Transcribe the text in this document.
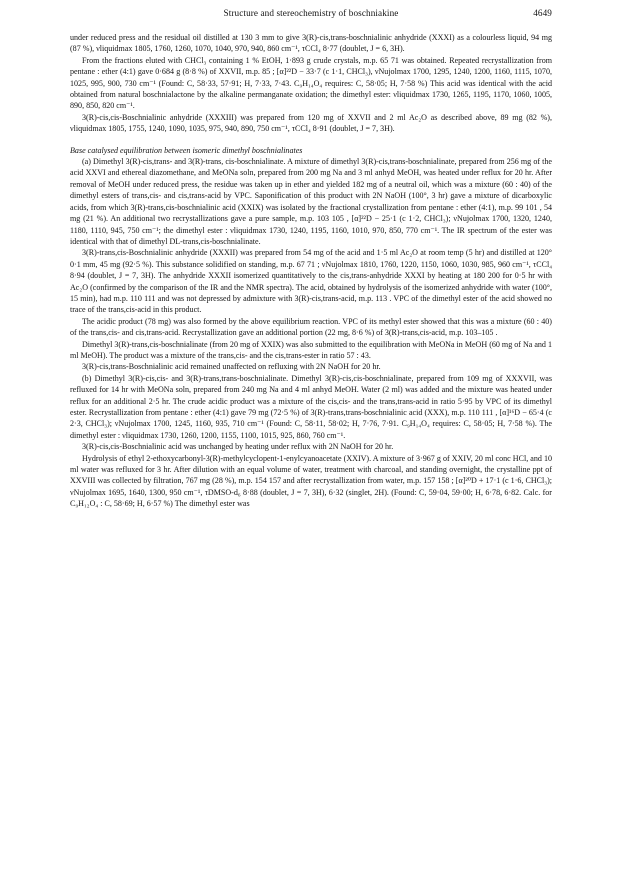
Structure and stereochemistry of boschniakine	4649

under reduced press and the residual oil distilled at 130 3 mm to give 3(R)-cis,trans-boschnialinic anhydride (XXXI) as a colourless liquid, 94 mg (87 %), νliquidmax 1805, 1760, 1260, 1070, 1040, 970, 940, 860 cm⁻¹, τCCl₄ 8·77 (doublet, J = 6, 3H).

From the fractions eluted with CHCl₃ containing 1 % EtOH, 1·893 g crude crystals, m.p. 65 71 was obtained. Repeated recrystallization from pentane : ether (4:1) gave 0·684 g (8·8 %) of XXVII, m.p. 85 ; [α]²²D − 33·7 (c 1·1, CHCl₃), νNujolmax 1700, 1295, 1240, 1200, 1160, 1115, 1070, 1025, 995, 900, 730 cm⁻¹ (Found: C, 58·33, 57·91; H, 7·33, 7·43. C₉H₁₄O₄ requires: C, 58·05; H, 7·58 %) This acid was identical with the acid obtained from natural boschnialactone by the alkaline permanganate oxidation; the dimethyl ester: νliquidmax 1730, 1265, 1195, 1170, 1060, 1005, 890, 850, 820 cm⁻¹.

3(R)-cis,cis-Boschnialinic anhydride (XXXIII) was prepared from 120 mg of XXVII and 2 ml Ac₂O as described above, 89 mg (82 %), νliquidmax 1805, 1755, 1240, 1090, 1035, 975, 940, 890, 750 cm⁻¹, τCCl₄ 8·91 (doublet, J = 7, 3H).

Base catalysed equilibration between isomeric dimethyl boschnialinates

(a) Dimethyl 3(R)-cis,trans- and 3(R)-trans, cis-boschnialinate. A mixture of dimethyl 3(R)-cis,trans-boschnialinate, prepared from 256 mg of the acid XXVI and ethereal diazomethane, and MeONa soln, prepared from 200 mg Na and 3 ml anhyd MeOH, was heated under reflux for 20 hr. After removal of MeOH under reduced press, the residue was taken up in ether and yielded 182 mg of a neutral oil, which was a mixture (60 : 40) of the dimethyl esters of trans,cis- and cis,trans-acid by VPC. Saponification of this product with 2N NaOH (100°, 3 hr) gave a mixture of dicarboxylic acids, from which 3(R)-trans,cis-boschnialinic acid (XXIX) was isolated by the fractional crystallization from pentane : ether (4:1), m.p. 99 101 , 54 mg (21 %). An additional two recrystallizations gave a pure sample, m.p. 103 105 , [α]²²D − 25·1 (c 1·2, CHCl₃); νNujolmax 1700, 1320, 1240, 1180, 1110, 945, 750 cm⁻¹; the dimethyl ester : νliquidmax 1730, 1240, 1195, 1160, 1010, 970, 850, 770 cm⁻¹. The IR spectrum of the ester was identical with that of dimethyl DL-trans,cis-boschnialinate.

3(R)-trans,cis-Boschnialinic anhydride (XXXII) was prepared from 54 mg of the acid and 1·5 ml Ac₂O at room temp (5 hr) and distilled at 120° 0·1 mm, 45 mg (92·5 %). This substance solidified on standing, m.p. 67 71 ; νNujolmax 1810, 1760, 1220, 1150, 1060, 1030, 985, 960 cm⁻¹, τCCl₄ 8·94 (doublet, J = 7, 3H). The anhydride XXXII isomerized quantitatively to the cis,trans-anhydride XXXI by heating at 180 200 for 0·5 hr with Ac₂O (confirmed by the comparison of the IR and the NMR spectra). The acid, obtained by hydrolysis of the isomerized anhydride with water (100°, 15 min), had m.p. 110 111 and was not depressed by admixture with 3(R)-cis,trans-acid, m.p. 113 . VPC of the dimethyl ester of the acid showed no trace of the trans,cis-acid in this product.

The acidic product (78 mg) was also formed by the above equilibrium reaction. VPC of its methyl ester showed that this was a mixture (60 : 40) of the trans,cis- and cis,trans-acid. Recrystallization gave an additional portion (22 mg, 8·6 %) of 3(R)-trans,cis-acid, m.p. 103–105 .

Dimethyl 3(R)-trans,cis-boschnialinate (from 20 mg of XXIX) was also submitted to the equilibration with MeONa in MeOH (60 mg of Na and 1 ml MeOH). The product was a mixture of the trans,cis- and the cis,trans-ester in ratio 57 : 43.

3(R)-cis,trans-Boschnialinic acid remained unaffected on refluxing with 2N NaOH for 20 hr.

(b) Dimethyl 3(R)-cis,cis- and 3(R)-trans,trans-boschnialinate. Dimethyl 3(R)-cis,cis-boschnialinate, prepared from 109 mg of XXXVII, was refluxed for 14 hr with MeONa soln, prepared from 240 mg Na and 4 ml anhyd MeOH. Water (2 ml) was added and the mixture was heated under reflux for an additional 2·5 hr. The crude acidic product was a mixture of the cis,cis- and the trans,trans-acid in ratio 5·95 by VPC of its dimethyl ester. Recrystallization from pentane : ether (4:1) gave 79 mg (72·5 %) of 3(R)-trans,trans-boschnialinic acid (XXX), m.p. 110 111 , [α]¹⁶D − 65·4 (c 2·3, CHCl₃); νNujolmax 1700, 1245, 1160, 935, 710 cm⁻¹ (Found: C, 58·11, 58·02; H, 7·76, 7·91. C₉H₁₄O₄ requires: C, 58·05; H, 7·58 %). The dimethyl ester : νliquidmax 1730, 1260, 1200, 1155, 1100, 1015, 925, 860, 760 cm⁻¹.

3(R)-cis,cis-Boschnialinic acid was unchanged by heating under reflux with 2N NaOH for 20 hr.

Hydrolysis of ethyl 2-ethoxycarbonyl-3(R)-methylcyclopent-1-enylcyanoacetate (XXIV). A mixture of 3·967 g of XXIV, 20 ml conc HCl, and 10 ml water was refluxed for 3 hr. After dilution with an equal volume of water, treatment with charcoal, and standing overnight, the crystalline ppt of XXVIII was collected by filtration, 767 mg (28 %), m.p. 154 157 and after recrystallization from water, m.p. 157 158 ; [α]²⁰D + 17·1 (c 1·6, CHCl₃); νNujolmax 1695, 1640, 1300, 950 cm⁻¹, τDMSO-d₆ 8·88 (doublet, J = 7, 3H), 6·32 (singlet, 2H). (Found: C, 59·04, 59·00; H, 6·78, 6·82. Calc. for C₉H₁₂O₄ : C, 58·69; H, 6·57 %) The dimethyl ester was
